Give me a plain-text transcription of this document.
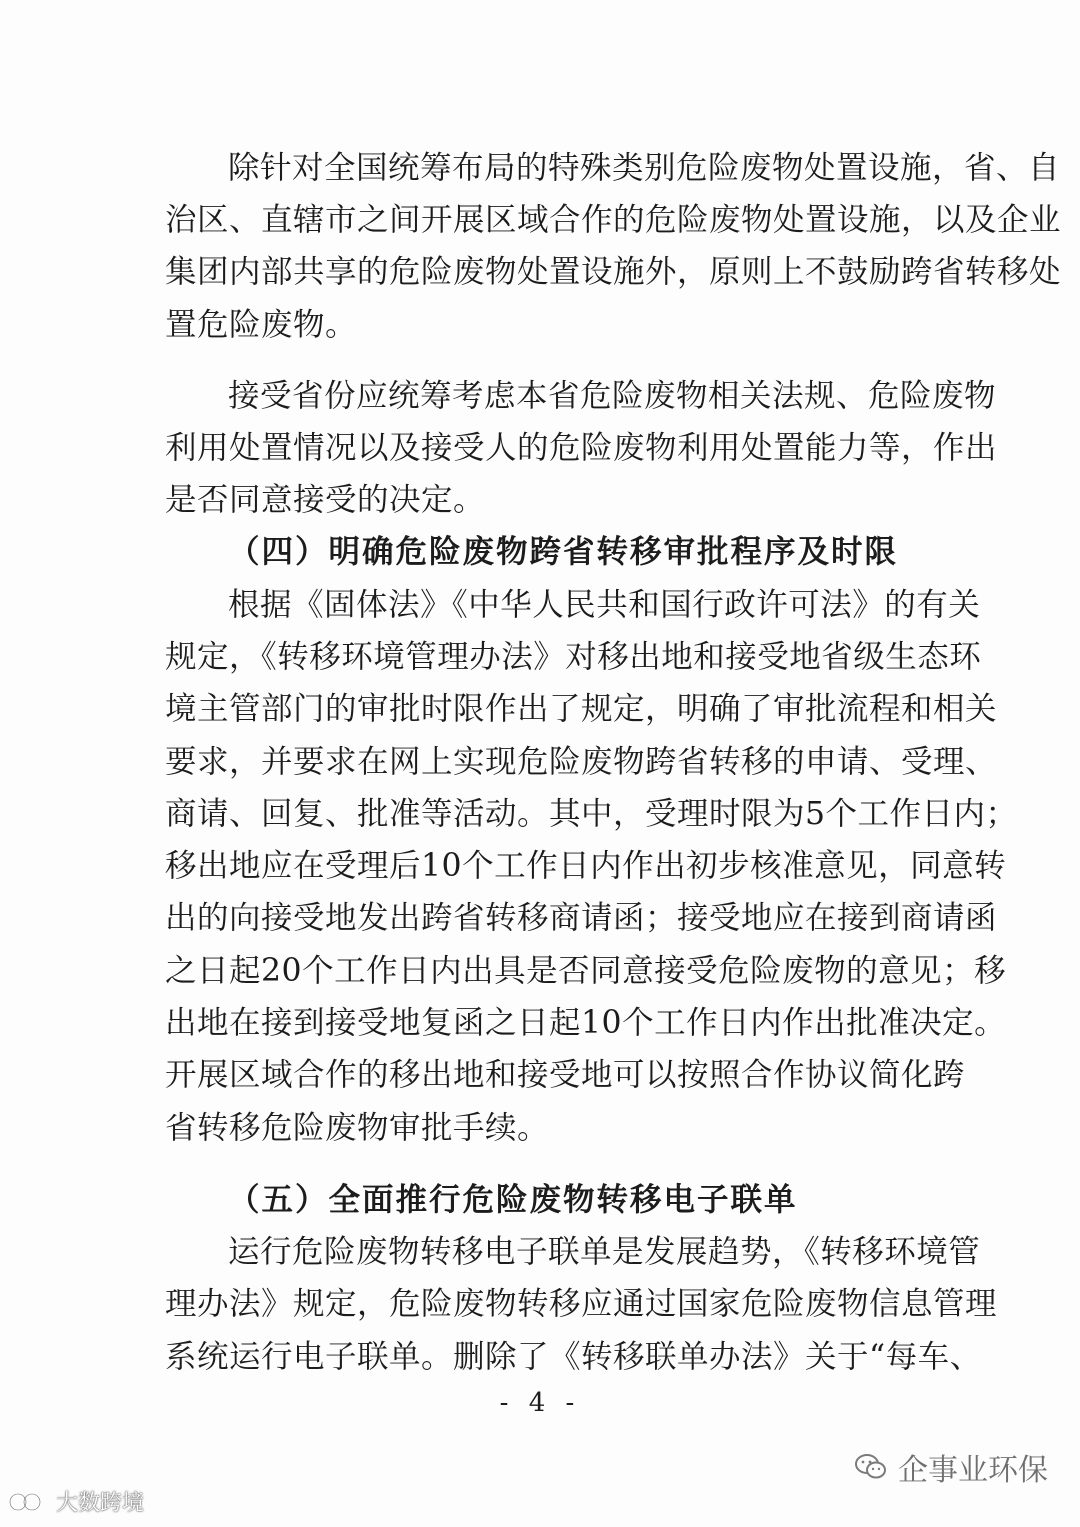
除针对全国统筹布局的特殊类别危险废物处置设施，省、自
治区、直辖市之间开展区域合作的危险废物处置设施，以及企业
集团内部共享的危险废物处置设施外，原则上不鼓励跨省转移处
置危险废物。
接受省份应统筹考虑本省危险废物相关法规、危险废物
利用处置情况以及接受人的危险废物利用处置能力等，作出
是否同意接受的决定。
（四）明确危险废物跨省转移审批程序及时限
根据《固体法》《中华人民共和国行政许可法》的有关
规定，《转移环境管理办法》对移出地和接受地省级生态环
境主管部门的审批时限作出了规定，明确了审批流程和相关
要求，并要求在网上实现危险废物跨省转移的申请、受理、
商请、回复、批准等活动。其中，受理时限为5个工作日内；
移出地应在受理后10个工作日内作出初步核准意见，同意转
出的向接受地发出跨省转移商请函；接受地应在接到商请函
之日起20个工作日内出具是否同意接受危险废物的意见；移
出地在接到接受地复函之日起10个工作日内作出批准决定。
开展区域合作的移出地和接受地可以按照合作协议简化跨
省转移危险废物审批手续。
（五）全面推行危险废物转移电子联单
运行危险废物转移电子联单是发展趋势，《转移环境管
理办法》规定，危险废物转移应通过国家危险废物信息管理
系统运行电子联单。删除了《转移联单办法》关于“每车、
- 4 -
企事业环保
大数跨境
